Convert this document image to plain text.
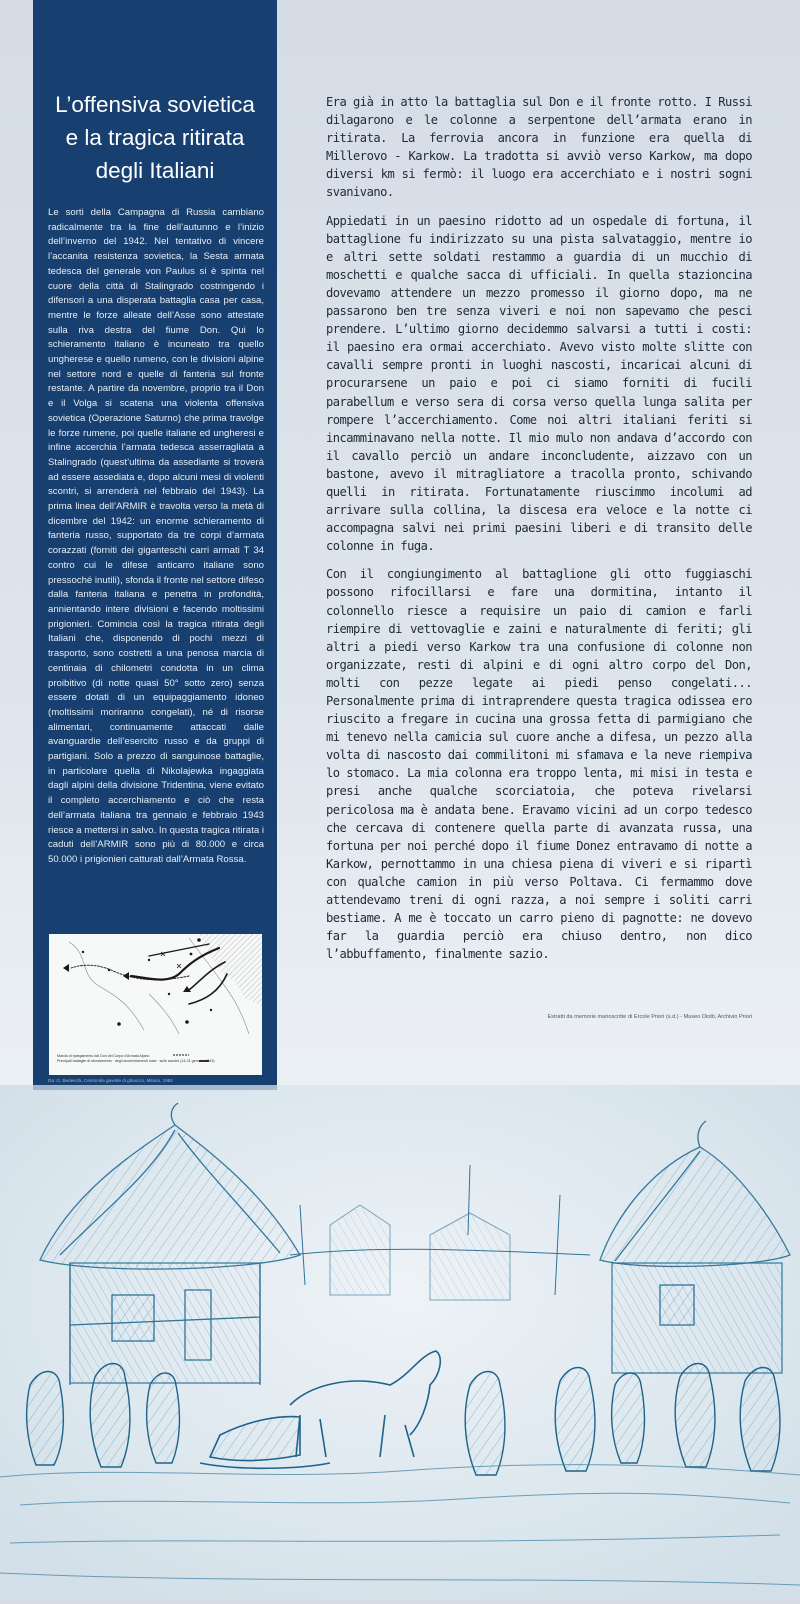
L’offensiva sovietica
e la tragica ritirata
degli Italiani

Le sorti della Campagna di Russia cambiano radicalmente tra la fine dell’autunno e l’inizio dell’inverno del 1942. Nel tentativo di vincere l’accanita resistenza sovietica, la Sesta armata tedesca del generale von Paulus si è spinta nel cuore della città di Stalingrado costringendo i difensori a una disperata battaglia casa per casa, mentre le forze alleate dell’Asse sono attestate sulla riva destra del fiume Don. Qui lo schieramento italiano è incuneato tra quello ungherese e quello rumeno, con le divisioni alpine nel settore nord e quelle di fanteria sul fronte restante. A partire da novembre, proprio tra il Don e il Volga si scatena una violenta offensiva sovietica (Operazione Saturno) che prima travolge le forze rumene, poi quelle italiane ed ungheresi e infine accerchia l’armata tedesca asserragliata a Stalingrado (quest’ultima da assediante si troverà ad essere assediata e, dopo alcuni mesi di violenti scontri, si arrenderà nel febbraio del 1943). La prima linea dell’ARMIR è travolta verso la metà di dicembre del 1942: un enorme schieramento di fanteria russo, supportato da tre corpi d’armata corazzati (forniti dei giganteschi carri armati T 34 contro cui le difese anticarro italiane sono pressoché inutili), sfonda il fronte nel settore difeso dalla fanteria italiana e penetra in profondità, annientando intere divisioni e facendo moltissimi prigionieri. Comincia così la tragica ritirata degli Italiani che, disponendo di pochi mezzi di trasporto, sono costretti a una penosa marcia di centinaia di chilometri condotta in un clima proibitivo (di notte quasi 50° sotto zero) senza essere dotati di un equipaggiamento idoneo (moltissimi moriranno congelati), né di risorse alimentari, continuamente attaccati dalle avanguardie dell’esercito russo e da gruppi di partigiani. Solo a prezzo di sanguinose battaglie, in particolare quella di Nikolajewka ingaggiata dagli alpini della divisione Tridentina, viene evitato il completo accerchiamento e ciò che resta dell’armata italiana tra gennaio e febbraio 1943 riesce a mettersi in salvo. In questa tragica ritirata i caduti dell’ARMIR sono più di 80.000 e circa 50.000 i prigionieri catturati dall’Armata Rossa.

Marcia di ripiegamento dal Don del Corpo d'Armata Alpino
Principali battaglie di sfondamento · degli accerchiamenti russi · sulle sacche (14-31 gennaio 1943)
Da: G. Bedeschi, Centomila gavette di ghiaccio, Milano, 1963

Era già in atto la battaglia sul Don e il fronte rotto. I Russi dilagarono e le colonne a serpentone dell’armata erano in ritirata. La ferrovia ancora in funzione era quella di Millerovo - Karkow. La tradotta si avviò verso Karkow, ma dopo diversi km si fermò: il luogo era accerchiato e i nostri sogni svanivano.

Appiedati in un paesino ridotto ad un ospedale di fortuna, il battaglione fu indirizzato su una pista salvataggio, mentre io e altri sette soldati restammo a guardia di un mucchio di moschetti e qualche sacca di ufficiali. In quella stazioncina dovevamo attendere un mezzo promesso il giorno dopo, ma ne passarono ben tre senza viveri e noi non sapevamo che pesci prendere. L’ultimo giorno decidemmo salvarsi a tutti i costi: il paesino era ormai accerchiato. Avevo visto molte slitte con cavalli sempre pronti in luoghi nascosti, incaricai alcuni di procurarsene un paio e poi ci siamo forniti di fucili parabellum e verso sera di corsa verso quella lunga salita per rompere l’accerchiamento. Come noi altri italiani feriti si incamminavano nella notte. Il mio mulo non andava d’accordo con il cavallo perciò un andare inconcludente, aizzavo con un bastone, avevo il mitragliatore a tracolla pronto, schivando quelli in ritirata. Fortunatamente riuscimmo incolumi ad arrivare sulla collina, la discesa era veloce e la notte ci accompagna salvi nei primi paesini liberi e di transito delle colonne in fuga.

Con il congiungimento al battaglione gli otto fuggiaschi possono rifocillarsi e fare una dormitina, intanto il colonnello riesce a requisire un paio di camion e farli riempire di vettovaglie e zaini e naturalmente di feriti; gli altri a piedi verso Karkow tra una confusione di colonne non organizzate, resti di alpini e di ogni altro corpo del Don, molti con pezze legate ai piedi penso congelati... Personalmente prima di intraprendere questa tragica odissea ero riuscito a fregare in cucina una grossa fetta di parmigiano che mi tenevo nella camicia sul cuore anche a difesa, un pezzo alla volta di nascosto dai commilitoni mi sfamava e la neve riempiva lo stomaco. La mia colonna era troppo lenta, mi misi in testa e presi anche qualche scorciatoia, che poteva rivelarsi pericolosa ma è andata bene. Eravamo vicini ad un corpo tedesco che cercava di contenere quella parte di avanzata russa, una fortuna per noi perché dopo il fiume Donez entravamo di notte a Karkow, pernottammo in una chiesa piena di viveri e si ripartì con qualche camion in più verso Poltava. Ci fermammo dove attendevamo treni di ogni razza, a noi sempre i soliti carri bestiame. A me è toccato un carro pieno di pagnotte: ne dovevo far la guardia perciò era chiuso dentro, non dico l’abbuffamento, finalmente sazio.

Estratti da memorie manoscritte di Ercole Priori (s.d.) - Museo Diotti, Archivio Priori
